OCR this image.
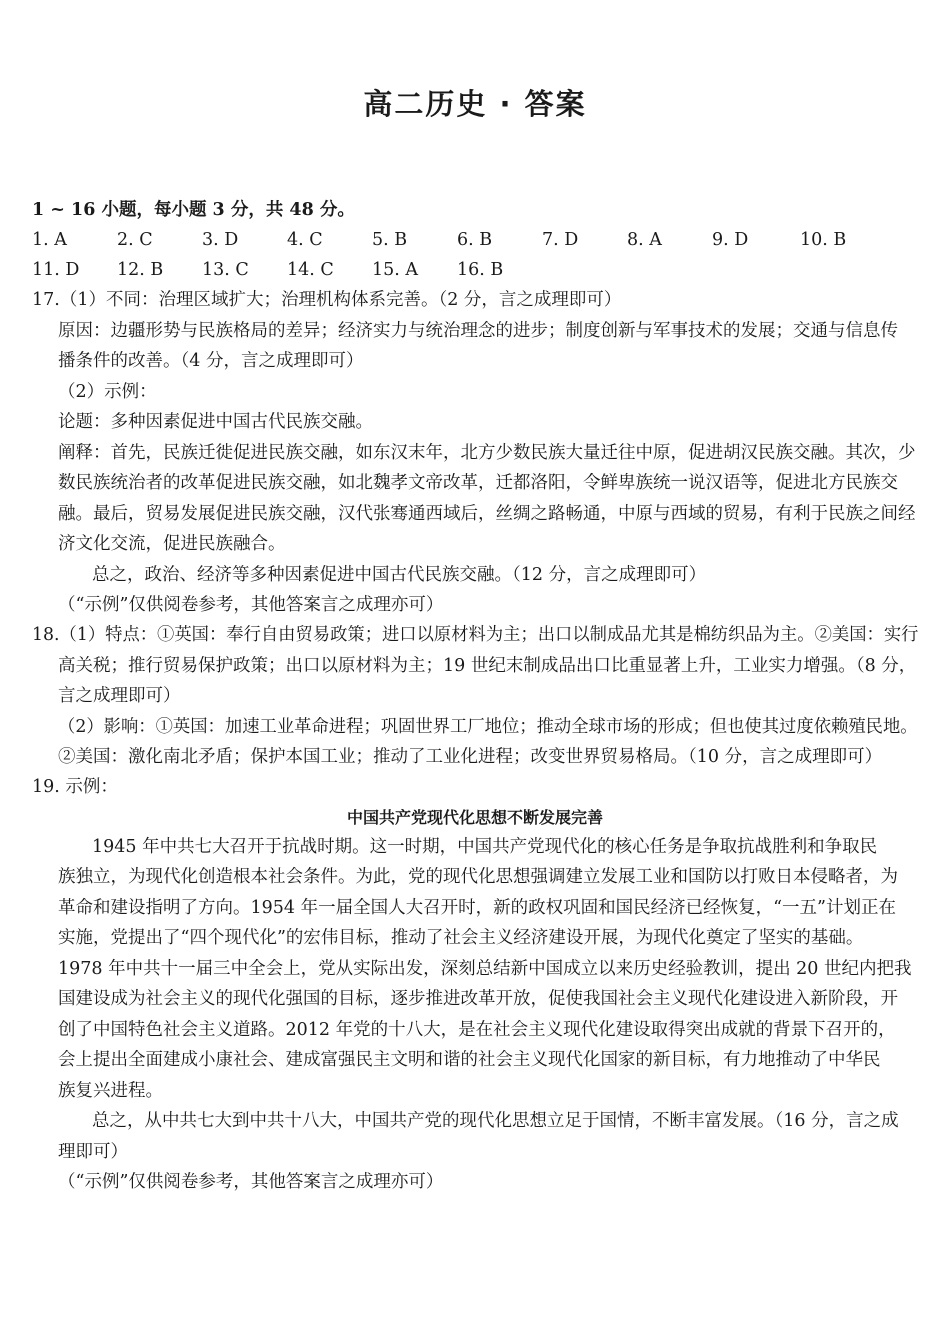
高二历史 · 答案
1 ~ 16 小题，每小题 3 分，共 48 分。
1. A	2. C	3. D	4. C	5. B	6. B	7. D	8. A	9. D	10. B
11. D 12. B 13. C 14. C 15. A 16. B
17.（1）不同：治理区域扩大；治理机构体系完善。（2 分，言之成理即可）
原因：边疆形势与民族格局的差异；经济实力与统治理念的进步；制度创新与军事技术的发展；交通与信息传
播条件的改善。（4 分，言之成理即可）
（2）示例：
论题：多种因素促进中国古代民族交融。
阐释：首先，民族迁徙促进民族交融，如东汉末年，北方少数民族大量迁往中原，促进胡汉民族交融。其次，少
数民族统治者的改革促进民族交融，如北魏孝文帝改革，迁都洛阳，令鲜卑族统一说汉语等，促进北方民族交
融。最后，贸易发展促进民族交融，汉代张骞通西域后，丝绸之路畅通，中原与西域的贸易，有利于民族之间经
济文化交流，促进民族融合。
总之，政治、经济等多种因素促进中国古代民族交融。（12 分，言之成理即可）
（“示例”仅供阅卷参考，其他答案言之成理亦可）
18.（1）特点：①英国：奉行自由贸易政策；进口以原材料为主；出口以制成品尤其是棉纺织品为主。②美国：实行
高关税；推行贸易保护政策；出口以原材料为主；19 世纪末制成品出口比重显著上升，工业实力增强。（8 分，
言之成理即可）
（2）影响：①英国：加速工业革命进程；巩固世界工厂地位；推动全球市场的形成；但也使其过度依赖殖民地。
②美国：激化南北矛盾；保护本国工业；推动了工业化进程；改变世界贸易格局。（10 分，言之成理即可）
19. 示例：
中国共产党现代化思想不断发展完善
1945 年中共七大召开于抗战时期。这一时期，中国共产党现代化的核心任务是争取抗战胜利和争取民
族独立，为现代化创造根本社会条件。为此，党的现代化思想强调建立发展工业和国防以打败日本侵略者，为
革命和建设指明了方向。1954 年一届全国人大召开时，新的政权巩固和国民经济已经恢复，“一五”计划正在
实施，党提出了“四个现代化”的宏伟目标，推动了社会主义经济建设开展，为现代化奠定了坚实的基础。
1978 年中共十一届三中全会上，党从实际出发，深刻总结新中国成立以来历史经验教训，提出 20 世纪内把我
国建设成为社会主义的现代化强国的目标，逐步推进改革开放，促使我国社会主义现代化建设进入新阶段，开
创了中国特色社会主义道路。2012 年党的十八大，是在社会主义现代化建设取得突出成就的背景下召开的，
会上提出全面建成小康社会、建成富强民主文明和谐的社会主义现代化国家的新目标，有力地推动了中华民
族复兴进程。
总之，从中共七大到中共十八大，中国共产党的现代化思想立足于国情，不断丰富发展。（16 分，言之成
理即可）
（“示例”仅供阅卷参考，其他答案言之成理亦可）
